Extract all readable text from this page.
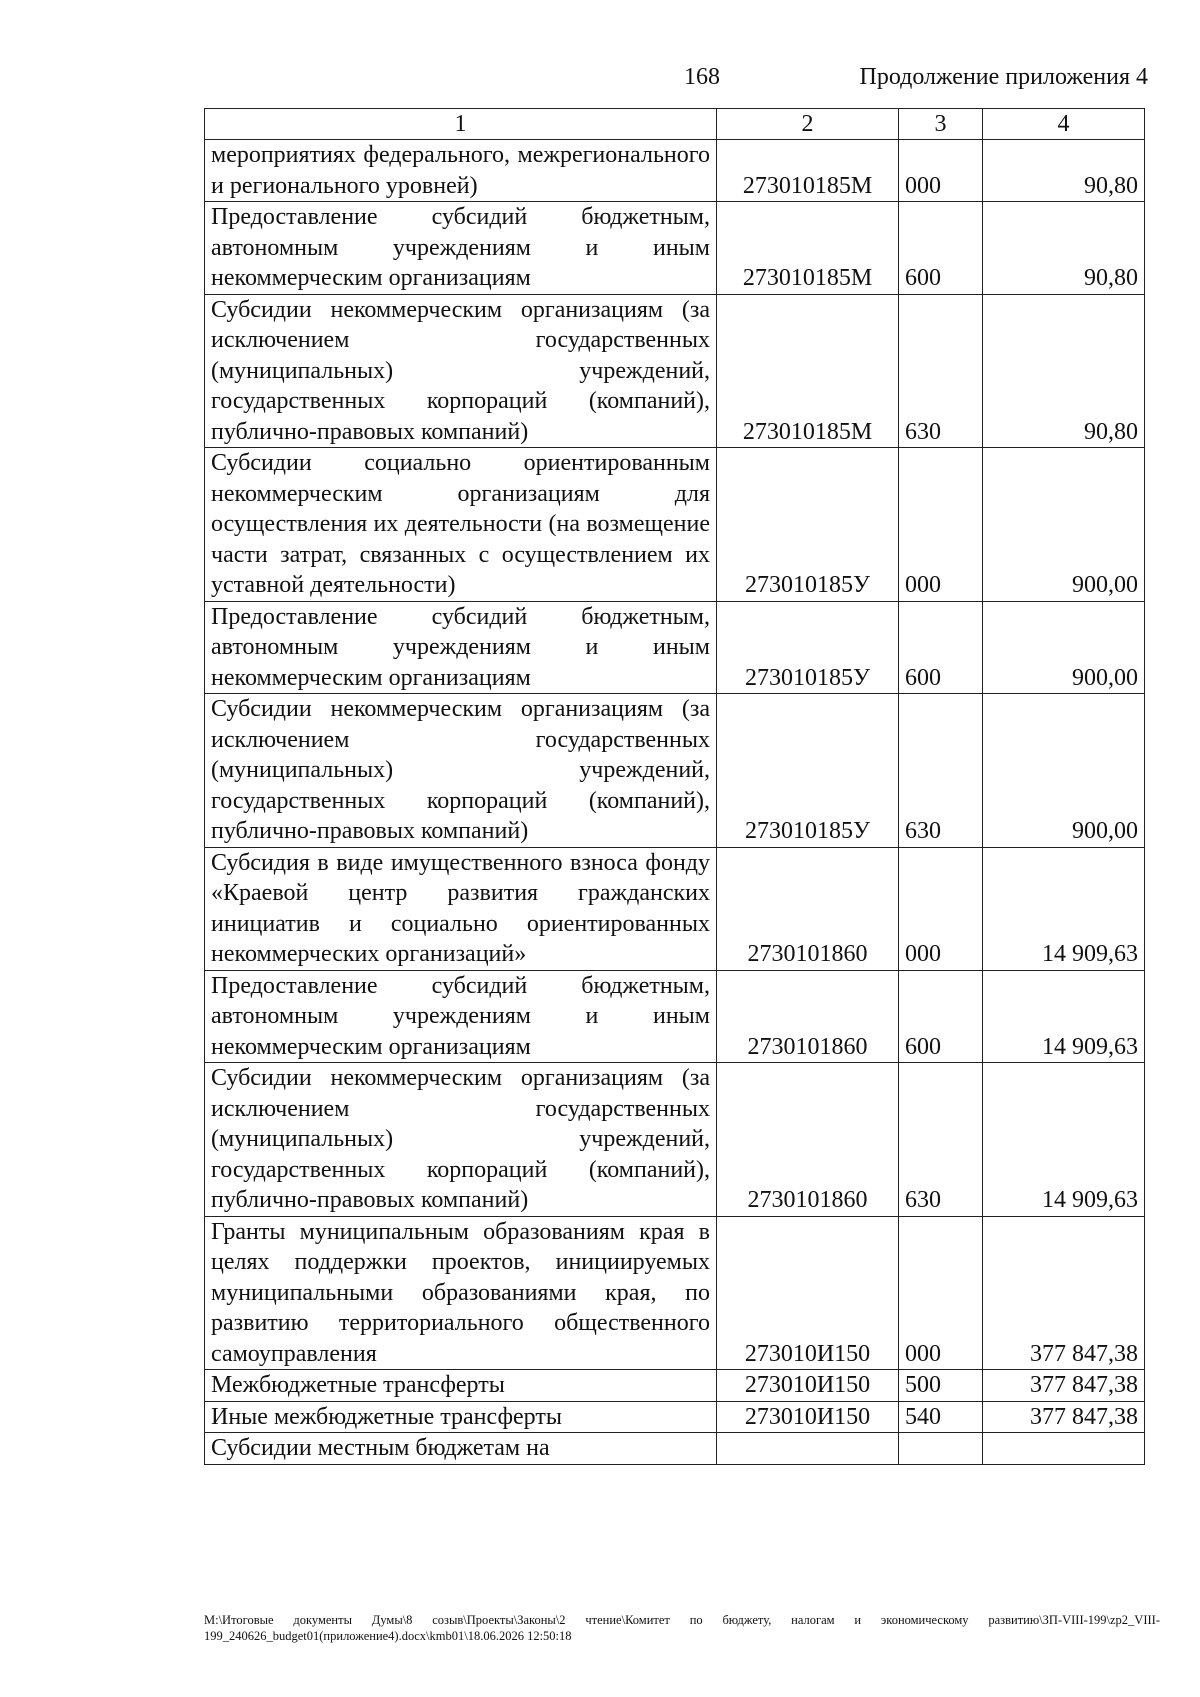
168	Продолжение приложения 4
1	2	3	4
мероприятиях федерального, межрегионального и регионального уровней)	273010185М	000	90,80
Предоставление субсидий бюджетным, автономным учреждениям и иным некоммерческим организациям	273010185М	600	90,80
Субсидии некоммерческим организациям (за исключением государственных (муниципальных) учреждений, государственных корпораций (компаний), публично-правовых компаний)	273010185М	630	90,80
Субсидии социально ориентированным некоммерческим организациям для осуществления их деятельности (на возмещение части затрат, связанных с осуществлением их уставной деятельности)	273010185У	000	900,00
Предоставление субсидий бюджетным, автономным учреждениям и иным некоммерческим организациям	273010185У	600	900,00
Субсидии некоммерческим организациям (за исключением государственных (муниципальных) учреждений, государственных корпораций (компаний), публично-правовых компаний)	273010185У	630	900,00
Субсидия в виде имущественного взноса фонду «Краевой центр развития гражданских инициатив и социально ориентированных некоммерческих организаций»	2730101860	000	14 909,63
Предоставление субсидий бюджетным, автономным учреждениям и иным некоммерческим организациям	2730101860	600	14 909,63
Субсидии некоммерческим организациям (за исключением государственных (муниципальных) учреждений, государственных корпораций (компаний), публично-правовых компаний)	2730101860	630	14 909,63
Гранты муниципальным образованиям края в целях поддержки проектов, инициируемых муниципальными образованиями края, по развитию территориального общественного самоуправления	273010И150	000	377 847,38
Межбюджетные трансферты	273010И150	500	377 847,38
Иные межбюджетные трансферты	273010И150	540	377 847,38
Субсидии местным бюджетам на			
М:\Итоговые документы Думы\8 созыв\Проекты\Законы\2 чтение\Комитет по бюджету, налогам и экономическому развитию\ЗП-VIII-199\zp2_VIII-199_240626_budget01(приложение4).docx\kmb01\18.06.2026 12:50:18
